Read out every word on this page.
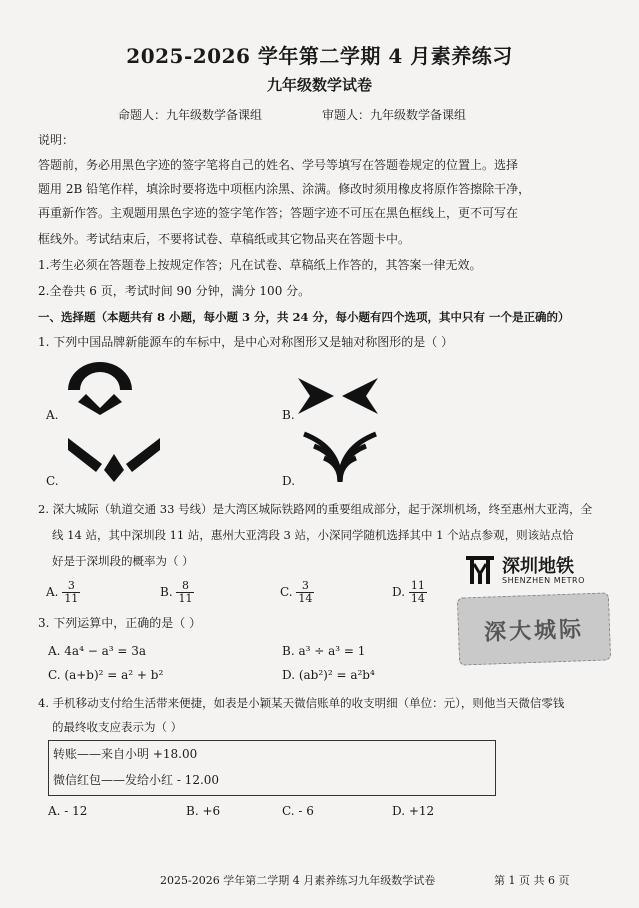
2025-2026 学年第二学期 4 月素养练习
九年级数学试卷
命题人：九年级数学备课组	审题人：九年级数学备课组
说明：
答题前，务必用黑色字迹的签字笔将自己的姓名、学号等填写在答题卷规定的位置上。选择
题用 2B 铅笔作样，填涂时要将选中项框内涂黑、涂满。修改时须用橡皮将原作答擦除干净，
再重新作答。主观题用黑色字迹的签字笔作答；答题字迹不可压在黑色框线上，更不可写在
框线外。考试结束后，不要将试卷、草稿纸或其它物品夹在答题卡中。
1.考生必须在答题卷上按规定作答；凡在试卷、草稿纸上作答的，其答案一律无效。
2.全卷共 6 页，考试时间 90 分钟，满分 100 分。
一、选择题（本题共有 8 小题，每小题 3 分，共 24 分，每小题有四个选项，其中只有 一个是正确的）
1. 下列中国品牌新能源车的车标中，是中心对称图形又是轴对称图形的是（ ）
A.	B.
C.	D.
2. 深大城际（轨道交通 33 号线）是大湾区城际铁路网的重要组成部分，起于深圳机场，终至惠州大亚湾，全
线 14 站，其中深圳段 11 站，惠州大亚湾段 3 站，小深同学随机选择其中 1 个站点参观，则该站点恰
好是于深圳段的概率为（ ）
A. $\frac{3}{11}$	B. $\frac{8}{11}$	C. $\frac{3}{14}$	D. $\frac{11}{14}$
深圳地铁
SHENZHEN METRO
深大城际
3. 下列运算中，正确的是（ ）
A. 4a⁴ − a³ = 3a	B. a³ ÷ a³ = 1
C. (a+b)² = a² + b²	D. (ab²)² = a²b⁴
4. 手机移动支付给生活带来便捷，如表是小颖某天微信账单的收支明细（单位：元），则他当天微信零钱
的最终收支应表示为（ ）
转账——来自小明 +18.00
微信红包——发给小红 - 12.00
A. - 12	B. +6	C. - 6	D. +12
2025-2026 学年第二学期 4 月素养练习九年级数学试卷	第 1 页 共 6 页
